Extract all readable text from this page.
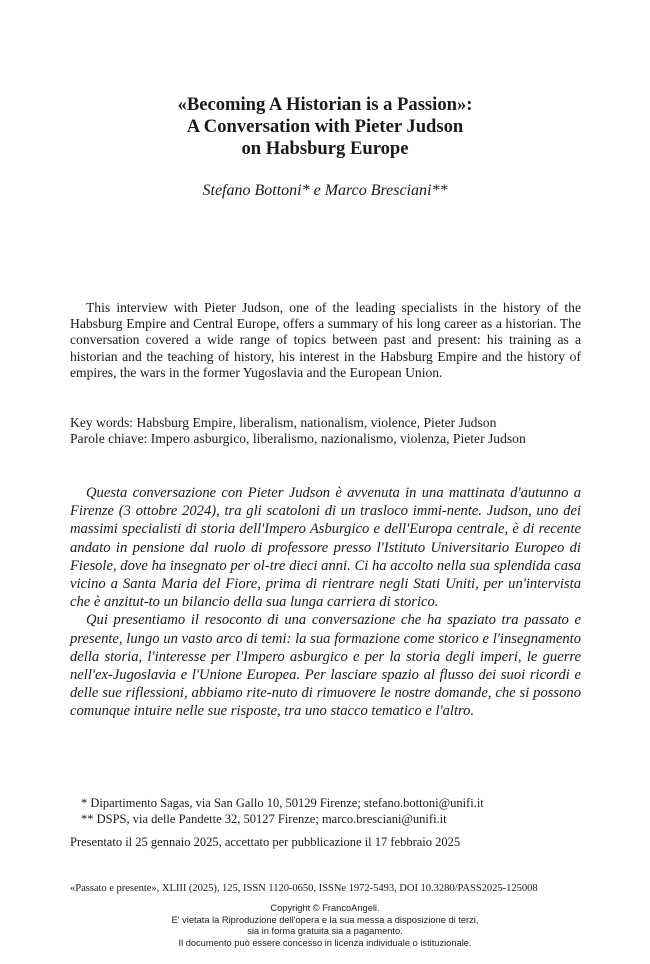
«Becoming A Historian is a Passion»:
A Conversation with Pieter Judson
on Habsburg Europe
Stefano Bottoni* e Marco Bresciani**

This interview with Pieter Judson, one of the leading specialists in the history of the Habsburg Empire and Central Europe, offers a summary of his long career as a historian. The conversation covered a wide range of topics between past and present: his training as a historian and the teaching of history, his interest in the Habsburg Empire and the history of empires, the wars in the former Yugoslavia and the European Union.

Key words: Habsburg Empire, liberalism, nationalism, violence, Pieter Judson
Parole chiave: Impero asburgico, liberalismo, nazionalismo, violenza, Pieter Judson

Questa conversazione con Pieter Judson è avvenuta in una mattinata d'autunno a Firenze (3 ottobre 2024), tra gli scatoloni di un trasloco immi-nente. Judson, uno dei massimi specialisti di storia dell'Impero Asburgico e dell'Europa centrale, è di recente andato in pensione dal ruolo di professore presso l'Istituto Universitario Europeo di Fiesole, dove ha insegnato per ol-tre dieci anni. Ci ha accolto nella sua splendida casa vicino a Santa Maria del Fiore, prima di rientrare negli Stati Uniti, per un'intervista che è anzitut-to un bilancio della sua lunga carriera di storico.

Qui presentiamo il resoconto di una conversazione che ha spaziato tra passato e presente, lungo un vasto arco di temi: la sua formazione come storico e l'insegnamento della storia, l'interesse per l'Impero asburgico e per la storia degli imperi, le guerre nell'ex-Jugoslavia e l'Unione Europea. Per lasciare spazio al flusso dei suoi ricordi e delle sue riflessioni, abbiamo rite-nuto di rimuovere le nostre domande, che si possono comunque intuire nelle sue risposte, tra uno stacco tematico e l'altro.

* Dipartimento Sagas, via San Gallo 10, 50129 Firenze; stefano.bottoni@unifi.it
** DSPS, via delle Pandette 32, 50127 Firenze; marco.bresciani@unifi.it
Presentato il 25 gennaio 2025, accettato per pubblicazione il 17 febbraio 2025
«Passato e presente», XLIII (2025), 125, ISSN 1120-0650, ISSNe 1972-5493, DOI 10.3280/PASS2025-125008
Copyright © FrancoAngeli.
E' vietata la Riproduzione dell'opera e la sua messa a disposizione di terzi,
sia in forma gratuita sia a pagamento.
Il documento può essere concesso in licenza individuale o istituzionale.
